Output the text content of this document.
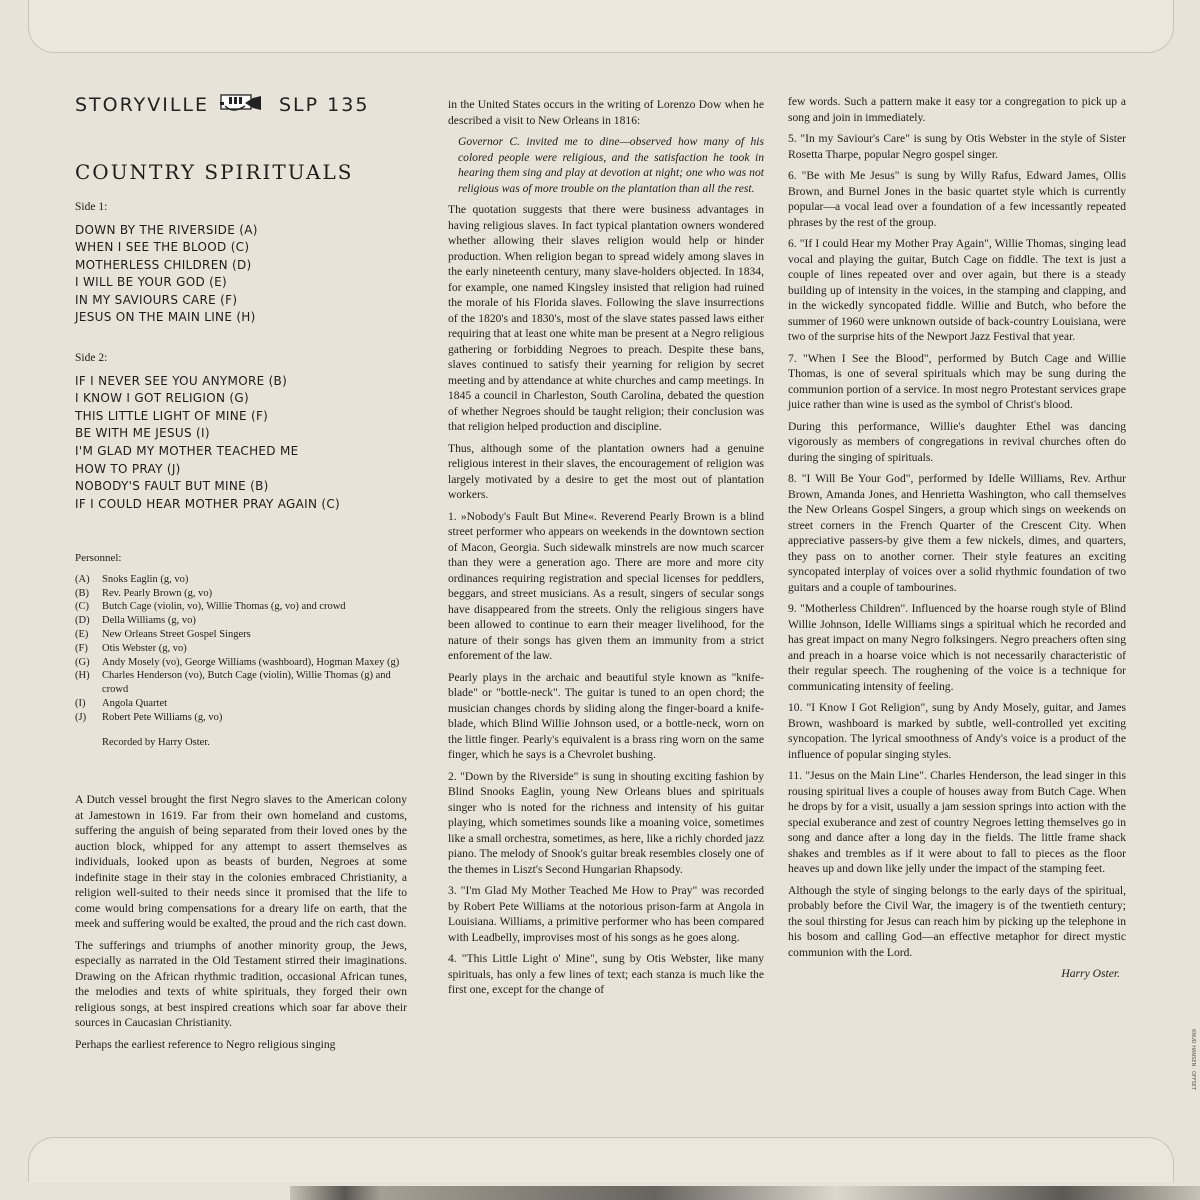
STORYVILLE	SLP 135
COUNTRY SPIRITUALS
Side 1:
DOWN BY THE RIVERSIDE (A)
WHEN I SEE THE BLOOD (C)
MOTHERLESS CHILDREN (D)
I WILL BE YOUR GOD (E)
IN MY SAVIOURS CARE (F)
JESUS ON THE MAIN LINE (H)
Side 2:
IF I NEVER SEE YOU ANYMORE (B)
I KNOW I GOT RELIGION (G)
THIS LITTLE LIGHT OF MINE (F)
BE WITH ME JESUS (I)
I'M GLAD MY MOTHER TEACHED ME
HOW TO PRAY (J)
NOBODY'S FAULT BUT MINE (B)
IF I COULD HEAR MOTHER PRAY AGAIN (C)
Personnel:
(A)	Snoks Eaglin (g, vo)
(B)	Rev. Pearly Brown (g, vo)
(C)	Butch Cage (violin, vo), Willie Thomas (g, vo) and crowd
(D)	Della Williams (g, vo)
(E)	New Orleans Street Gospel Singers
(F)	Otis Webster (g, vo)
(G)	Andy Mosely (vo), George Williams (washboard), Hogman Maxey (g)
(H)	Charles Henderson (vo), Butch Cage (violin), Willie Thomas (g) and crowd
(I)	Angola Quartet
(J)	Robert Pete Williams (g, vo)
Recorded by Harry Oster.

A Dutch vessel brought the first Negro slaves to the American colony at Jamestown in 1619. Far from their own homeland and customs, suffering the anguish of being separated from their loved ones by the auction block, whipped for any attempt to assert themselves as individuals, looked upon as beasts of burden, Negroes at some indefinite stage in their stay in the colonies embraced Christianity, a religion well-suited to their needs since it promised that the life to come would bring compensations for a dreary life on earth, that the meek and suffering would be exalted, the proud and the rich cast down.

The sufferings and triumphs of another minority group, the Jews, especially as narrated in the Old Testament stirred their imaginations. Drawing on the African rhythmic tradition, occasional African tunes, the melodies and texts of white spirituals, they forged their own religious songs, at best inspired creations which soar far above their sources in Caucasian Christianity.

Perhaps the earliest reference to Negro religious singing

in the United States occurs in the writing of Lorenzo Dow when he described a visit to New Orleans in 1816:

Governor C. invited me to dine—observed how many of his colored people were religious, and the satisfaction he took in hearing them sing and play at devotion at night; one who was not religious was of more trouble on the plantation than all the rest.

The quotation suggests that there were business advantages in having religious slaves. In fact typical plantation owners wondered whether allowing their slaves religion would help or hinder production. When religion began to spread widely among slaves in the early nineteenth century, many slave-holders objected. In 1834, for example, one named Kingsley insisted that religion had ruined the morale of his Florida slaves. Following the slave insurrections of the 1820's and 1830's, most of the slave states passed laws either requiring that at least one white man be present at a Negro religious gathering or forbidding Negroes to preach. Despite these bans, slaves continued to satisfy their yearning for religion by secret meeting and by attendance at white churches and camp meetings. In 1845 a council in Charleston, South Carolina, debated the question of whether Negroes should be taught religion; their conclusion was that religion helped production and discipline.

Thus, although some of the plantation owners had a genuine religious interest in their slaves, the encouragement of religion was largely motivated by a desire to get the most out of plantation workers.

1. »Nobody's Fault But Mine«. Reverend Pearly Brown is a blind street performer who appears on weekends in the downtown section of Macon, Georgia. Such sidewalk minstrels are now much scarcer than they were a generation ago. There are more and more city ordinances requiring registration and special licenses for peddlers, beggars, and street musicians. As a result, singers of secular songs have disappeared from the streets. Only the religious singers have been allowed to continue to earn their meager livelihood, for the nature of their songs has given them an immunity from a strict enforement of the law.

Pearly plays in the archaic and beautiful style known as "knife-blade" or "bottle-neck". The guitar is tuned to an open chord; the musician changes chords by sliding along the finger-board a knife-blade, which Blind Willie Johnson used, or a bottle-neck, worn on the little finger. Pearly's equivalent is a brass ring worn on the same finger, which he says is a Chevrolet bushing.

2. "Down by the Riverside" is sung in shouting exciting fashion by Blind Snooks Eaglin, young New Orleans blues and spirituals singer who is noted for the richness and intensity of his guitar playing, which sometimes sounds like a moaning voice, sometimes like a small orchestra, sometimes, as here, like a richly chorded jazz piano. The melody of Snook's guitar break resembles closely one of the themes in Liszt's Second Hungarian Rhapsody.

3. "I'm Glad My Mother Teached Me How to Pray" was recorded by Robert Pete Williams at the notorious prison-farm at Angola in Louisiana. Williams, a primitive performer who has been compared with Leadbelly, improvises most of his songs as he goes along.

4. "This Little Light o' Mine", sung by Otis Webster, like many spirituals, has only a few lines of text; each stanza is much like the first one, except for the change of

few words. Such a pattern make it easy tor a congregation to pick up a song and join in immediately.

5. "In my Saviour's Care" is sung by Otis Webster in the style of Sister Rosetta Tharpe, popular Negro gospel singer.

6. "Be with Me Jesus" is sung by Willy Rafus, Edward James, Ollis Brown, and Burnel Jones in the basic quartet style which is currently popular—a vocal lead over a foundation of a few incessantly repeated phrases by the rest of the group.

6. "If I could Hear my Mother Pray Again", Willie Thomas, singing lead vocal and playing the guitar, Butch Cage on fiddle. The text is just a couple of lines repeated over and over again, but there is a steady building up of intensity in the voices, in the stamping and clapping, and in the wickedly syncopated fiddle. Willie and Butch, who before the summer of 1960 were unknown outside of back-country Louisiana, were two of the surprise hits of the Newport Jazz Festival that year.

7. "When I See the Blood", performed by Butch Cage and Willie Thomas, is one of several spirituals which may be sung during the communion portion of a service. In most negro Protestant services grape juice rather than wine is used as the symbol of Christ's blood.

During this performance, Willie's daughter Ethel was dancing vigorously as members of congregations in revival churches often do during the singing of spirituals.

8. "I Will Be Your God", performed by Idelle Williams, Rev. Arthur Brown, Amanda Jones, and Henrietta Washington, who call themselves the New Orleans Gospel Singers, a group which sings on weekends on street corners in the French Quarter of the Crescent City. When appreciative passers-by give them a few nickels, dimes, and quarters, they pass on to another corner. Their style features an exciting syncopated interplay of voices over a solid rhythmic foundation of two guitars and a couple of tambourines.

9. "Motherless Children". Influenced by the hoarse rough style of Blind Willie Johnson, Idelle Williams sings a spiritual which he recorded and has great impact on many Negro folksingers. Negro preachers often sing and preach in a hoarse voice which is not necessarily characteristic of their regular speech. The roughening of the voice is a technique for communicating intensity of feeling.

10. "I Know I Got Religion", sung by Andy Mosely, guitar, and James Brown, washboard is marked by subtle, well-controlled yet exciting syncopation. The lyrical smoothness of Andy's voice is a product of the influence of popular singing styles.

11. "Jesus on the Main Line". Charles Henderson, the lead singer in this rousing spiritual lives a couple of houses away from Butch Cage. When he drops by for a visit, usually a jam session springs into action with the special exuberance and zest of country Negroes letting themselves go in song and dance after a long day in the fields. The little frame shack shakes and trembles as if it were about to fall to pieces as the floor heaves up and down like jelly under the impact of the stamping feet.

Although the style of singing belongs to the early days of the spiritual, probably before the Civil War, the imagery is of the twentieth century; the soul thirsting for Jesus can reach him by picking up the telephone in his bosom and calling God—an effective metaphor for direct mystic communion with the Lord.

Harry Oster.
KNUD HANSEN · OFFSET
